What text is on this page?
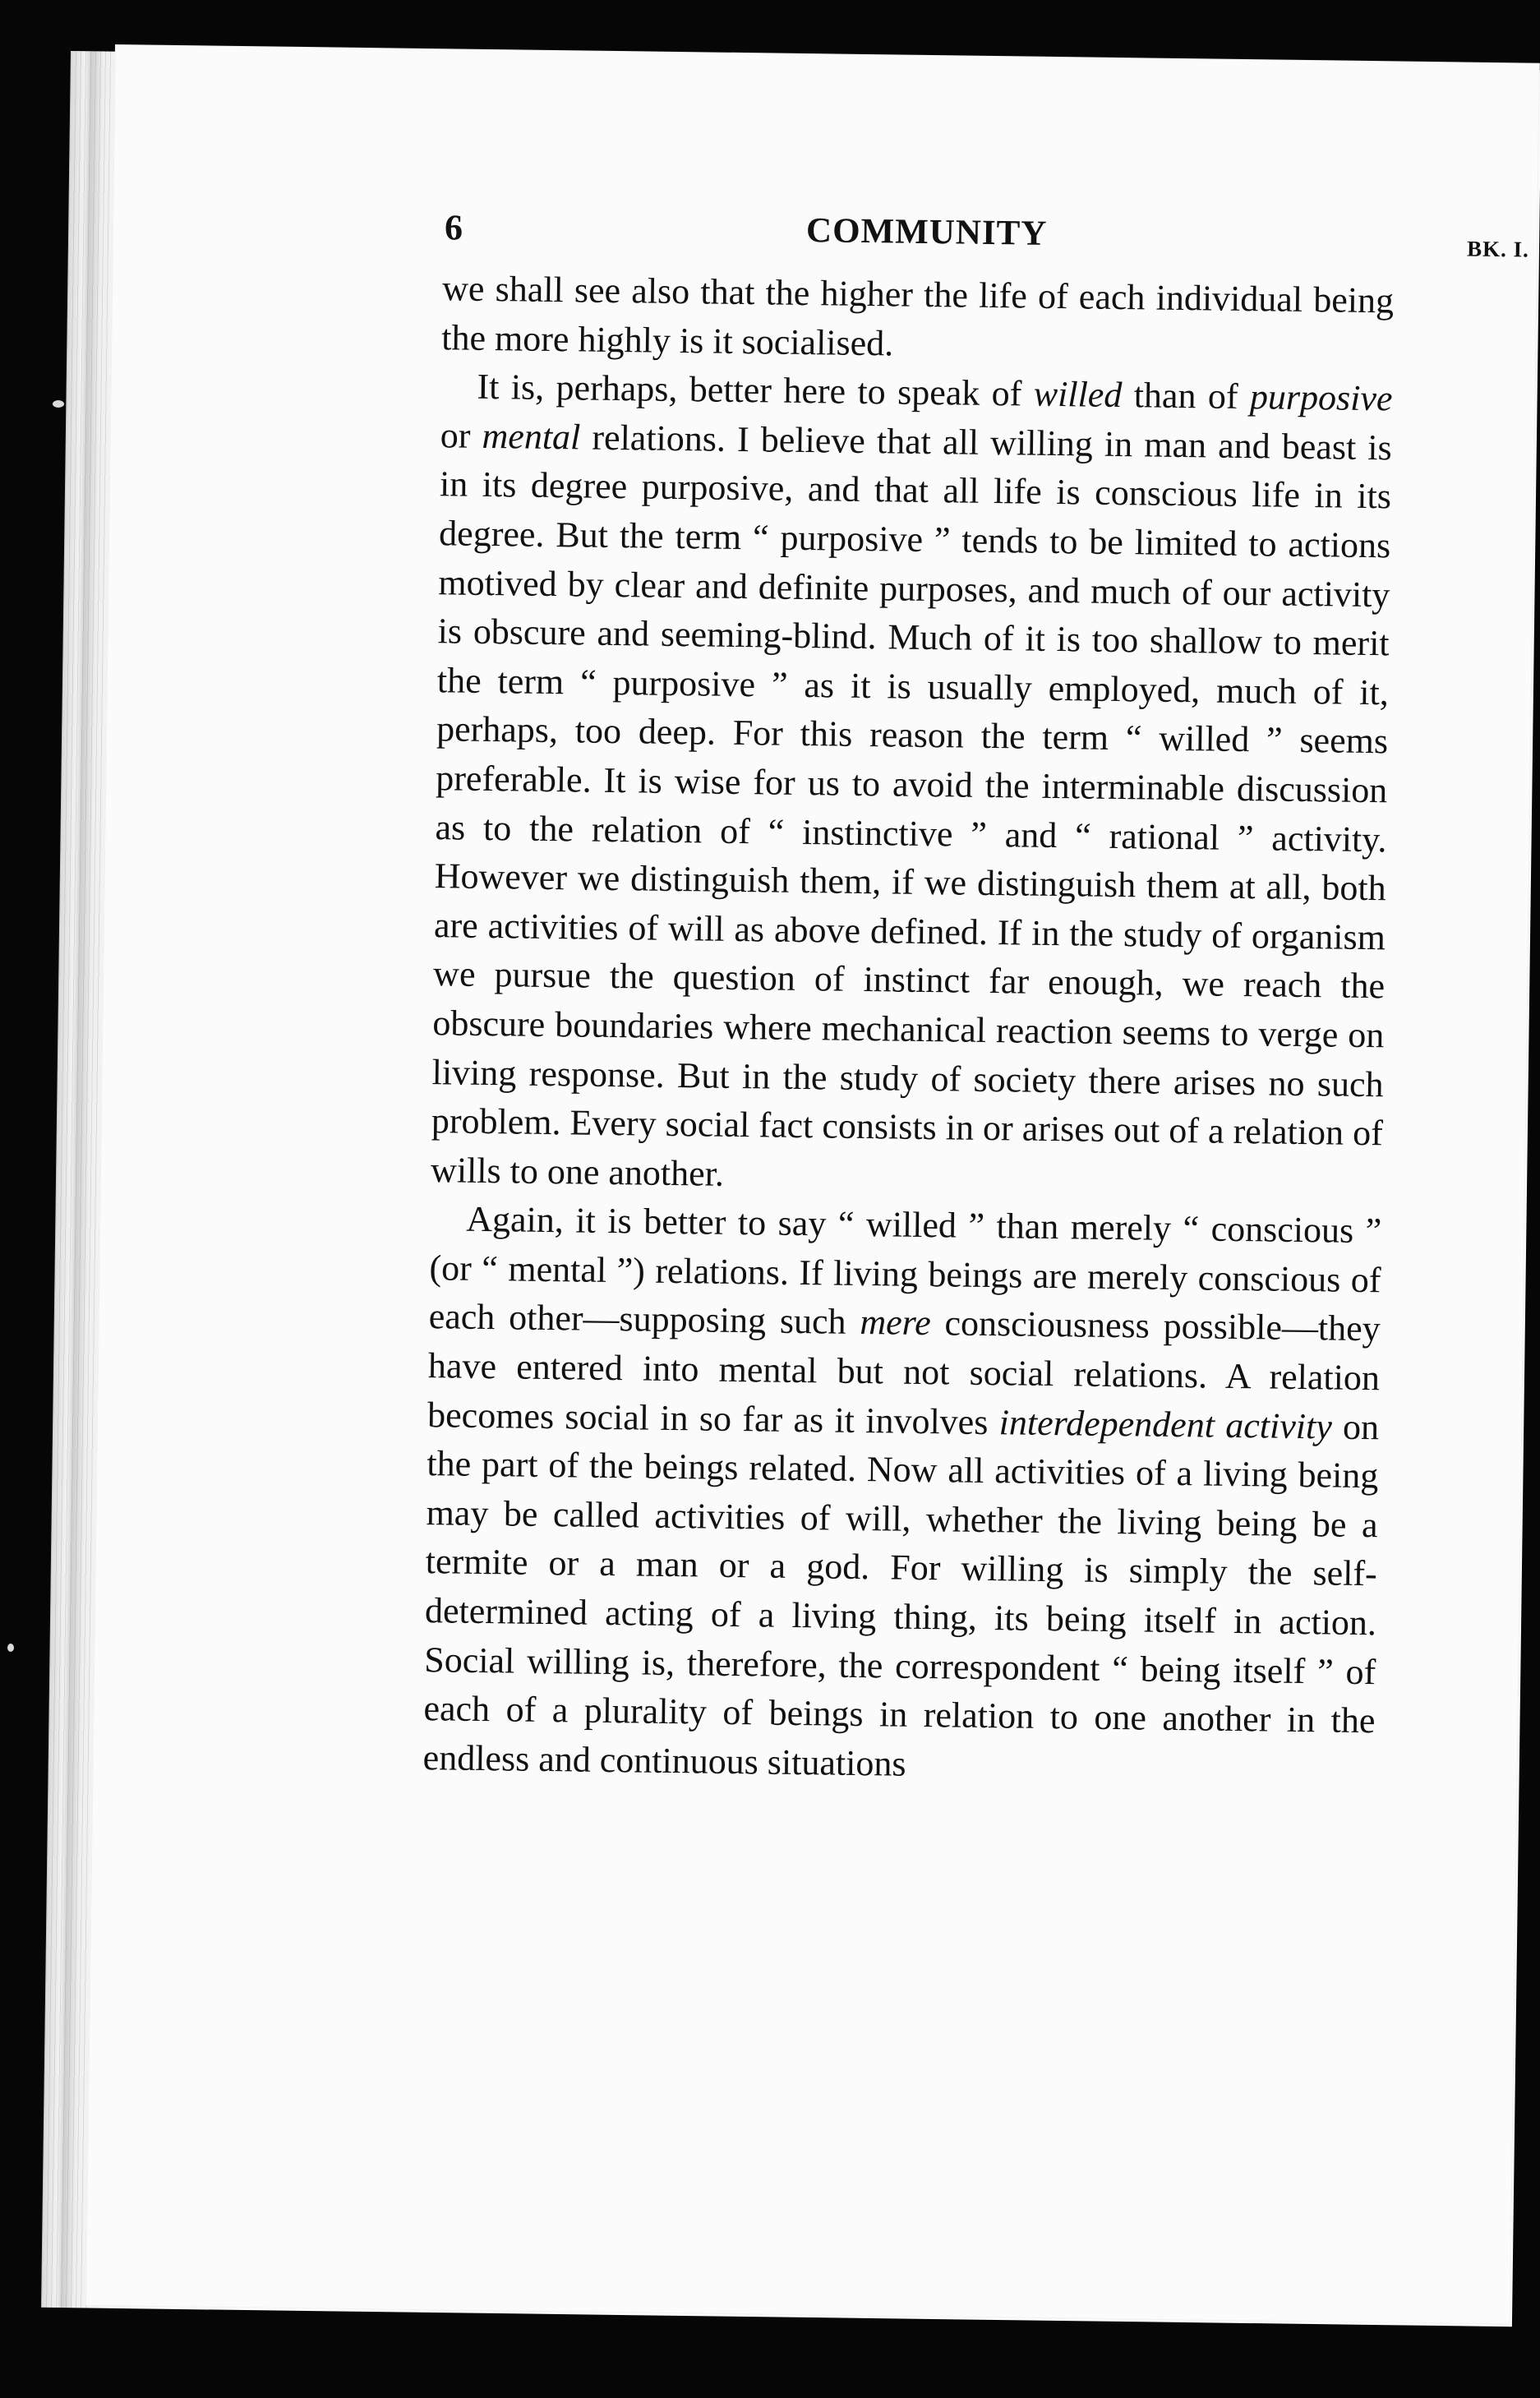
6	COMMUNITY	BK. I.

we shall see also that the higher the life of each individual being the more highly is it socialised.

It is, perhaps, better here to speak of willed than of purposive or mental relations. I believe that all willing in man and beast is in its degree purposive, and that all life is conscious life in its degree. But the term “ purposive ” tends to be limited to actions motived by clear and definite purposes, and much of our activity is obscure and seeming-blind. Much of it is too shallow to merit the term “ purposive ” as it is usually employed, much of it, perhaps, too deep. For this reason the term “ willed ” seems preferable. It is wise for us to avoid the interminable discussion as to the relation of “ instinctive ” and “ rational ” activity. However we distinguish them, if we distinguish them at all, both are activities of will as above defined. If in the study of organism we pursue the question of instinct far enough, we reach the obscure boundaries where mechanical reaction seems to verge on living response. But in the study of society there arises no such problem. Every social fact consists in or arises out of a relation of wills to one another.

Again, it is better to say “ willed ” than merely “ conscious ” (or “ mental ”) relations. If living beings are merely conscious of each other—supposing such mere consciousness possible—they have entered into mental but not social relations. A relation becomes social in so far as it involves interdependent activity on the part of the beings related. Now all activities of a living being may be called activities of will, whether the living being be a termite or a man or a god. For willing is simply the self-determined acting of a living thing, its being itself in action. Social willing is, therefore, the correspondent “ being itself ” of each of a plurality of beings in relation to one another in the endless and continuous situations
